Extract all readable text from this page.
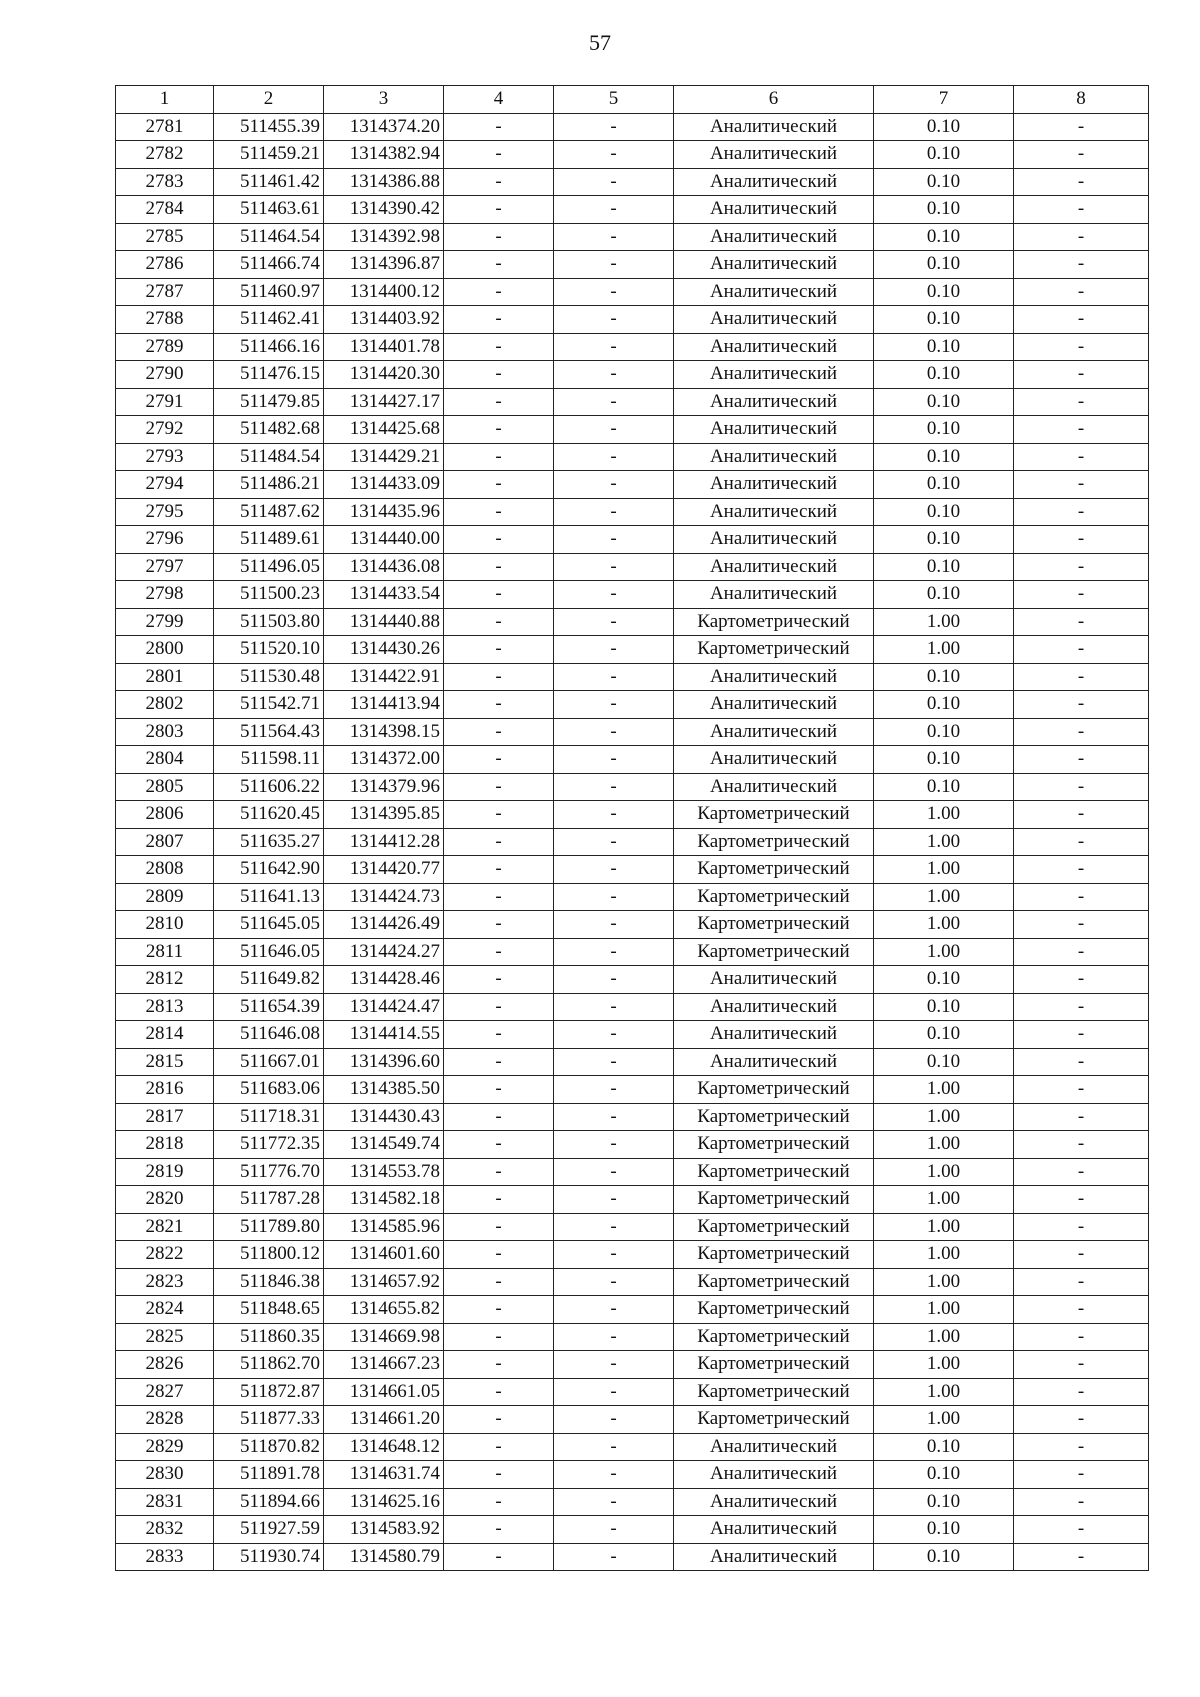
57
1	2	3	4	5	6	7	8
2781	511455.39	1314374.20	-	-	Аналитический	0.10	-
2782	511459.21	1314382.94	-	-	Аналитический	0.10	-
2783	511461.42	1314386.88	-	-	Аналитический	0.10	-
2784	511463.61	1314390.42	-	-	Аналитический	0.10	-
2785	511464.54	1314392.98	-	-	Аналитический	0.10	-
2786	511466.74	1314396.87	-	-	Аналитический	0.10	-
2787	511460.97	1314400.12	-	-	Аналитический	0.10	-
2788	511462.41	1314403.92	-	-	Аналитический	0.10	-
2789	511466.16	1314401.78	-	-	Аналитический	0.10	-
2790	511476.15	1314420.30	-	-	Аналитический	0.10	-
2791	511479.85	1314427.17	-	-	Аналитический	0.10	-
2792	511482.68	1314425.68	-	-	Аналитический	0.10	-
2793	511484.54	1314429.21	-	-	Аналитический	0.10	-
2794	511486.21	1314433.09	-	-	Аналитический	0.10	-
2795	511487.62	1314435.96	-	-	Аналитический	0.10	-
2796	511489.61	1314440.00	-	-	Аналитический	0.10	-
2797	511496.05	1314436.08	-	-	Аналитический	0.10	-
2798	511500.23	1314433.54	-	-	Аналитический	0.10	-
2799	511503.80	1314440.88	-	-	Картометрический	1.00	-
2800	511520.10	1314430.26	-	-	Картометрический	1.00	-
2801	511530.48	1314422.91	-	-	Аналитический	0.10	-
2802	511542.71	1314413.94	-	-	Аналитический	0.10	-
2803	511564.43	1314398.15	-	-	Аналитический	0.10	-
2804	511598.11	1314372.00	-	-	Аналитический	0.10	-
2805	511606.22	1314379.96	-	-	Аналитический	0.10	-
2806	511620.45	1314395.85	-	-	Картометрический	1.00	-
2807	511635.27	1314412.28	-	-	Картометрический	1.00	-
2808	511642.90	1314420.77	-	-	Картометрический	1.00	-
2809	511641.13	1314424.73	-	-	Картометрический	1.00	-
2810	511645.05	1314426.49	-	-	Картометрический	1.00	-
2811	511646.05	1314424.27	-	-	Картометрический	1.00	-
2812	511649.82	1314428.46	-	-	Аналитический	0.10	-
2813	511654.39	1314424.47	-	-	Аналитический	0.10	-
2814	511646.08	1314414.55	-	-	Аналитический	0.10	-
2815	511667.01	1314396.60	-	-	Аналитический	0.10	-
2816	511683.06	1314385.50	-	-	Картометрический	1.00	-
2817	511718.31	1314430.43	-	-	Картометрический	1.00	-
2818	511772.35	1314549.74	-	-	Картометрический	1.00	-
2819	511776.70	1314553.78	-	-	Картометрический	1.00	-
2820	511787.28	1314582.18	-	-	Картометрический	1.00	-
2821	511789.80	1314585.96	-	-	Картометрический	1.00	-
2822	511800.12	1314601.60	-	-	Картометрический	1.00	-
2823	511846.38	1314657.92	-	-	Картометрический	1.00	-
2824	511848.65	1314655.82	-	-	Картометрический	1.00	-
2825	511860.35	1314669.98	-	-	Картометрический	1.00	-
2826	511862.70	1314667.23	-	-	Картометрический	1.00	-
2827	511872.87	1314661.05	-	-	Картометрический	1.00	-
2828	511877.33	1314661.20	-	-	Картометрический	1.00	-
2829	511870.82	1314648.12	-	-	Аналитический	0.10	-
2830	511891.78	1314631.74	-	-	Аналитический	0.10	-
2831	511894.66	1314625.16	-	-	Аналитический	0.10	-
2832	511927.59	1314583.92	-	-	Аналитический	0.10	-
2833	511930.74	1314580.79	-	-	Аналитический	0.10	-
